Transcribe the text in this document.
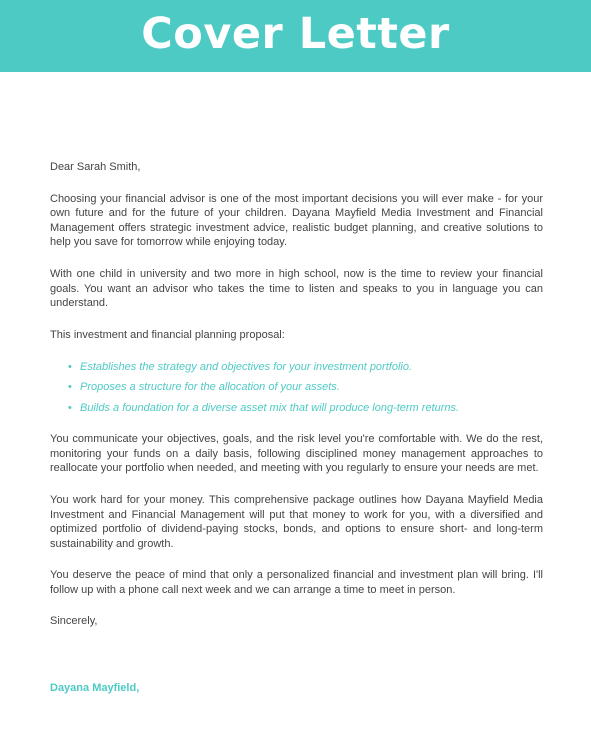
Cover Letter

Dear Sarah Smith,

Choosing your financial advisor is one of the most important decisions you will ever make - for your own future and for the future of your children. Dayana Mayfield Media Investment and Financial Management offers strategic investment advice, realistic budget planning, and creative solutions to help you save for tomorrow while enjoying today.

With one child in university and two more in high school, now is the time to review your financial goals. You want an advisor who takes the time to listen and speaks to you in language you can understand.

This investment and financial planning proposal:

• Establishes the strategy and objectives for your investment portfolio.
• Proposes a structure for the allocation of your assets.
• Builds a foundation for a diverse asset mix that will produce long-term returns.

You communicate your objectives, goals, and the risk level you're comfortable with. We do the rest, monitoring your funds on a daily basis, following disciplined money management approaches to reallocate your portfolio when needed, and meeting with you regularly to ensure your needs are met.

You work hard for your money. This comprehensive package outlines how Dayana Mayfield Media Investment and Financial Management will put that money to work for you, with a diversified and optimized portfolio of dividend-paying stocks, bonds, and options to ensure short- and long-term sustainability and growth.

You deserve the peace of mind that only a personalized financial and investment plan will bring. I'll follow up with a phone call next week and we can arrange a time to meet in person.

Sincerely,

Dayana Mayfield,
